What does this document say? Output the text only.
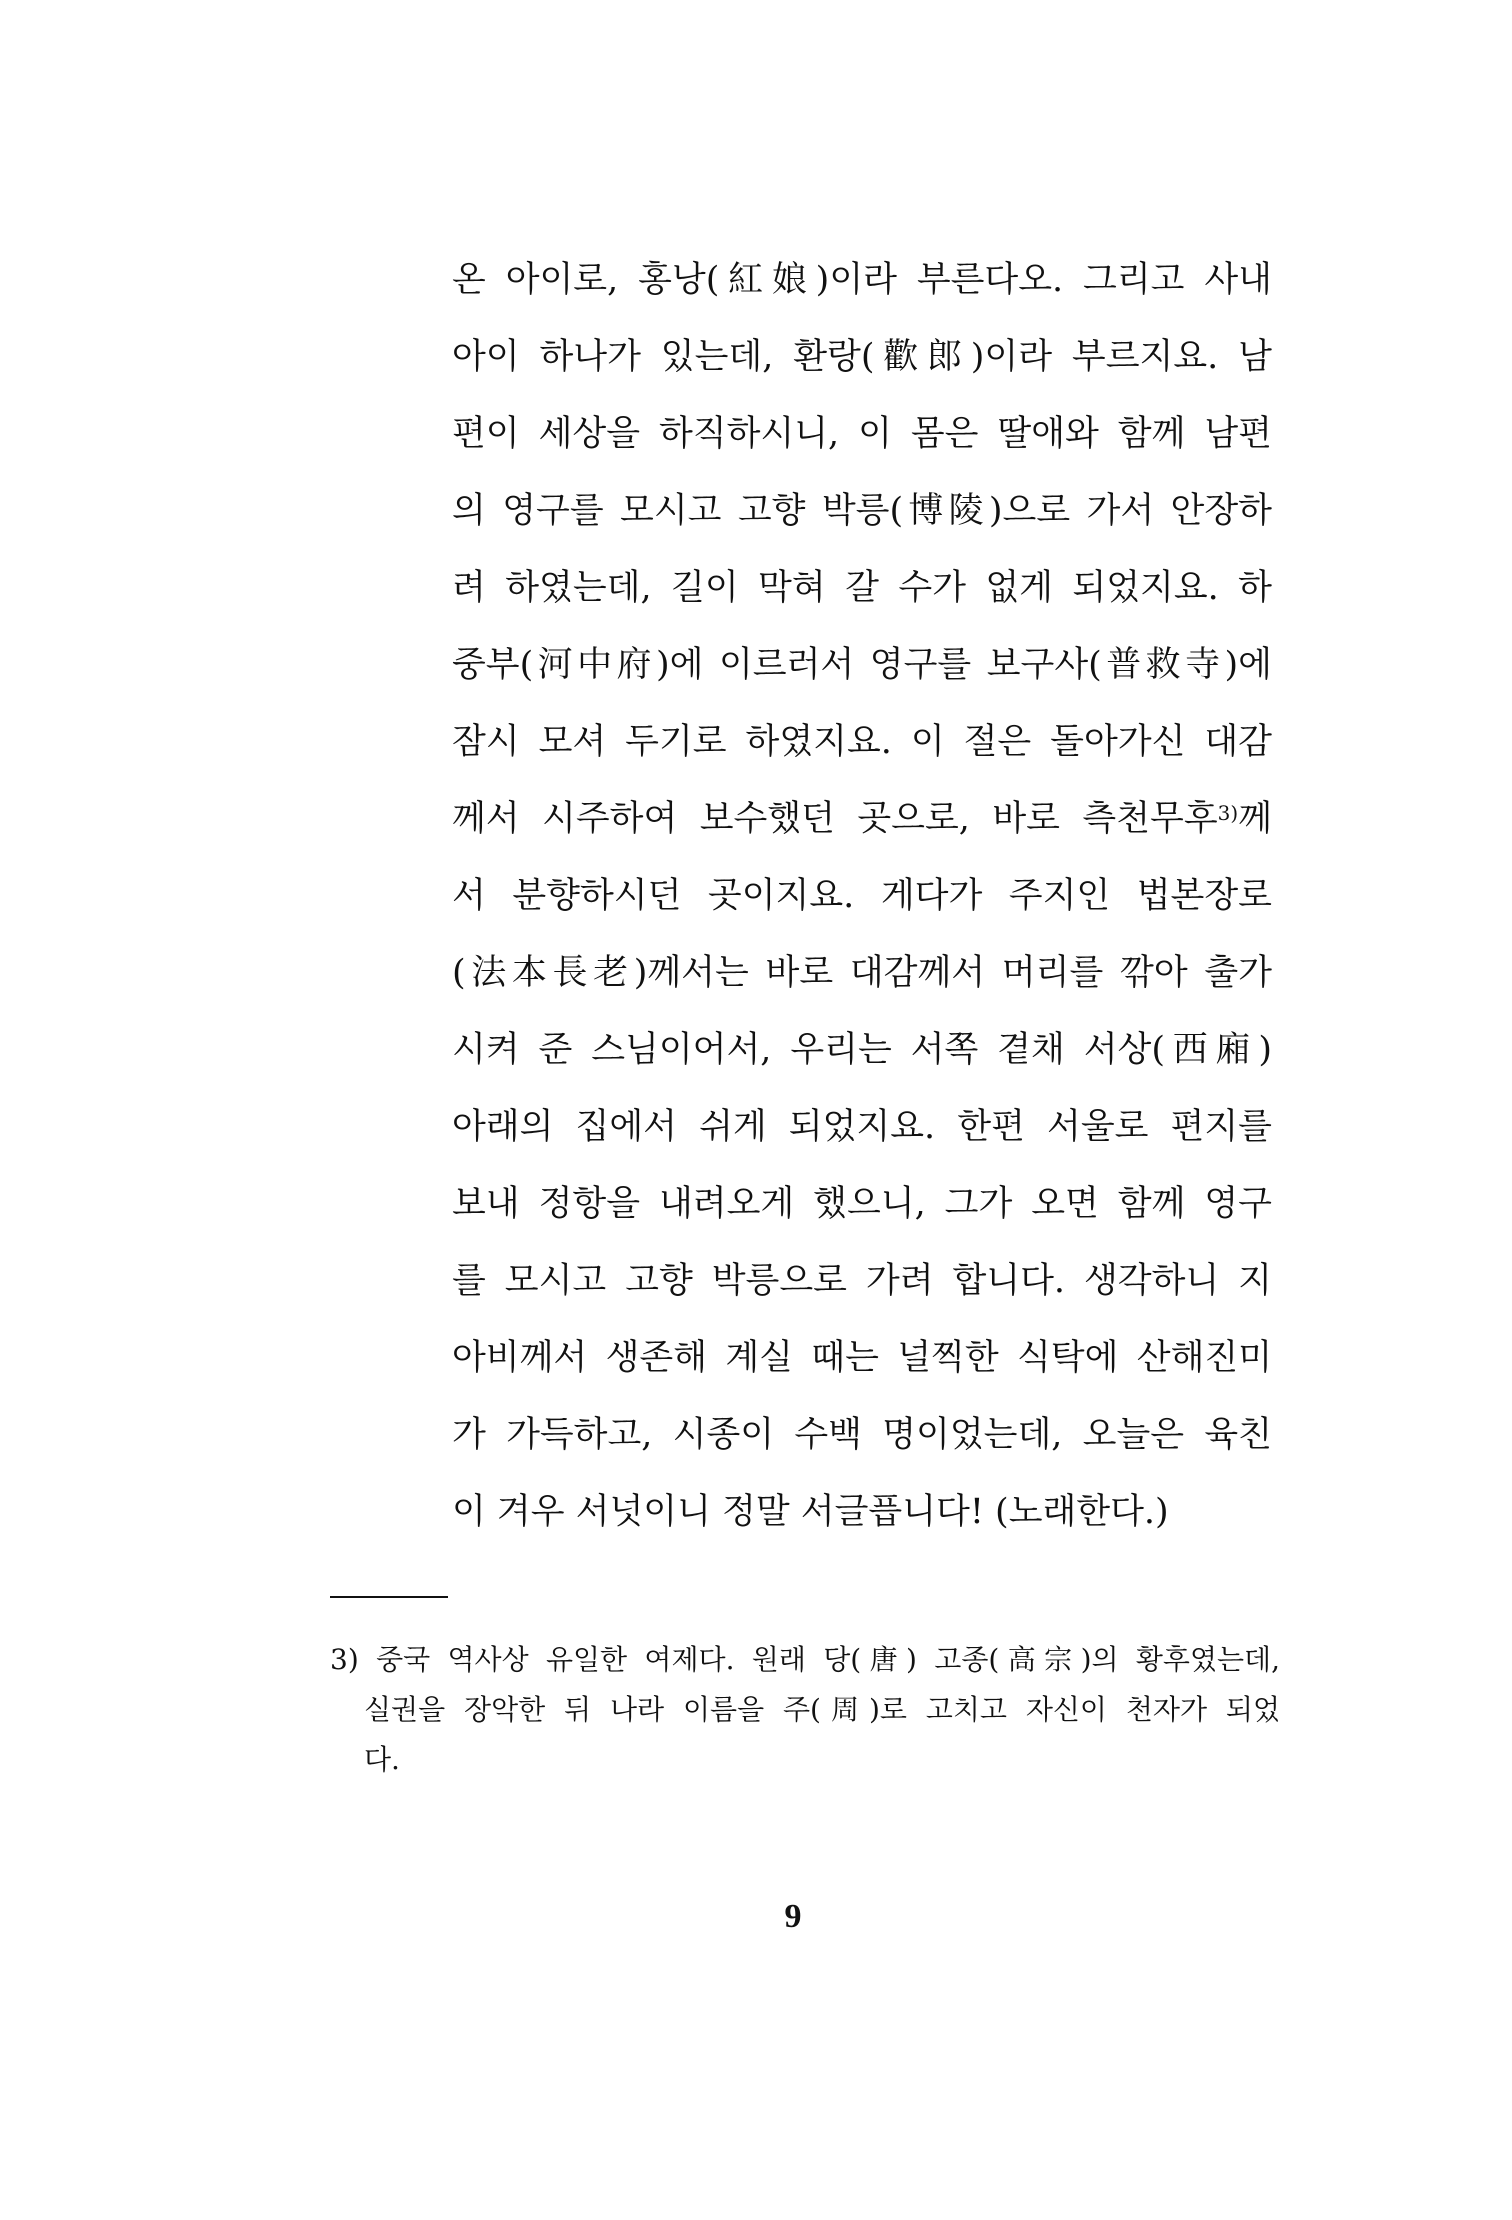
온 아이로, 홍낭(紅娘)이라 부른다오. 그리고 사내
아이 하나가 있는데, 환랑(歡郎)이라 부르지요. 남
편이 세상을 하직하시니, 이 몸은 딸애와 함께 남편
의 영구를 모시고 고향 박릉(博陵)으로 가서 안장하
려 하였는데, 길이 막혀 갈 수가 없게 되었지요. 하
중부(河中府)에 이르러서 영구를 보구사(普救寺)에
잠시 모셔 두기로 하였지요. 이 절은 돌아가신 대감
께서 시주하여 보수했던 곳으로, 바로 측천무후$^{3)}$께
서 분향하시던 곳이지요. 게다가 주지인 법본장로
(法本長老)께서는 바로 대감께서 머리를 깎아 출가
시켜 준 스님이어서, 우리는 서쪽 곁채 서상(西廂)
아래의 집에서 쉬게 되었지요. 한편 서울로 편지를
보내 정항을 내려오게 했으니, 그가 오면 함께 영구
를 모시고 고향 박릉으로 가려 합니다. 생각하니 지
아비께서 생존해 계실 때는 널찍한 식탁에 산해진미
가 가득하고, 시종이 수백 명이었는데, 오늘은 육친
이 겨우 서넛이니 정말 서글픕니다! (노래한다.)
3) 중국 역사상 유일한 여제다. 원래 당(唐) 고종(高宗)의 황후였는데,
실권을 장악한 뒤 나라 이름을 주(周)로 고치고 자신이 천자가 되었
다.
9
